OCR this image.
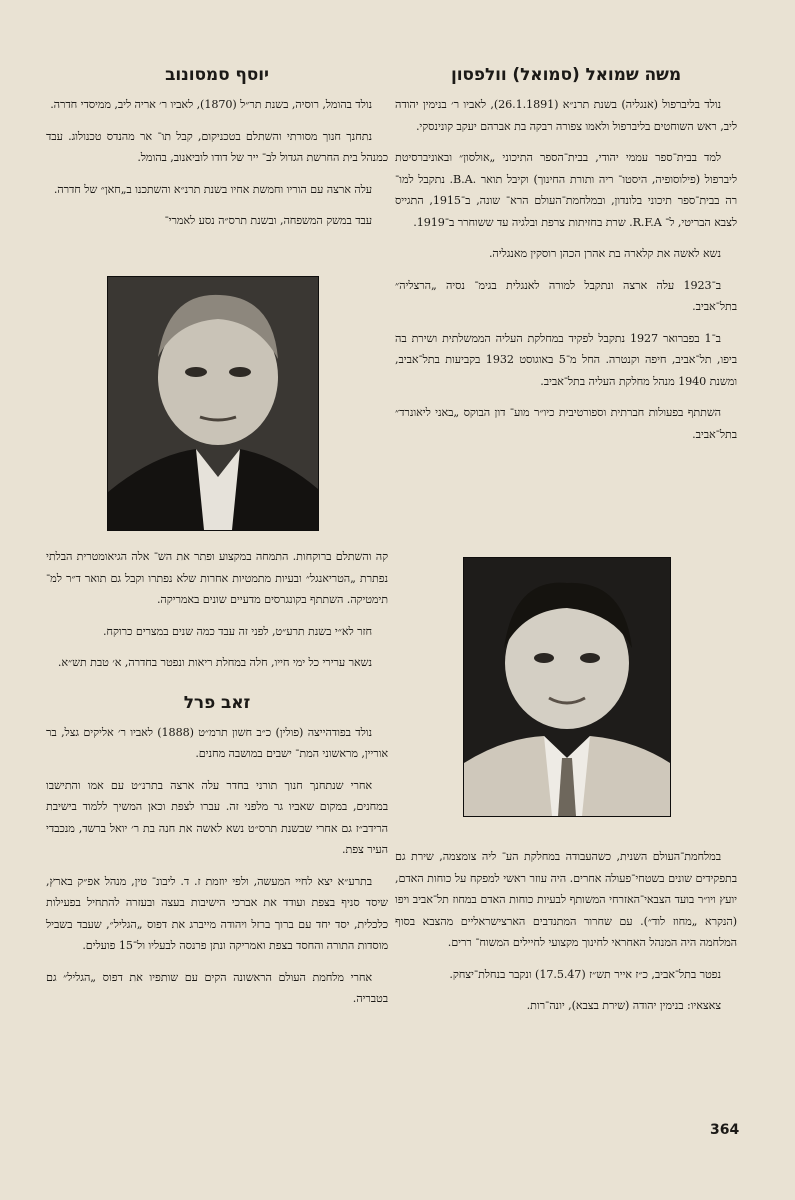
משה שמואל (סמואל) וולפסון

נולד בליברפול (אנגליה) בשנת תרנ״א (26.1.1891), לאביו ר׳ בנימין יהודה ליב, ראש השוחטים בליברפול ולאמו צפורה רבקה בת אברהם יעקב קונינסקי.

למד בבית־ספר עממי יהודי, בבית־הספר התיכוני „אולסון״ ובאוניברסיטת ליברפול (פילוסופיה, היסטו־ ריה ותורת החינוך) וקיבל תואר .B.A. נתקבל למו־ רה בבית־ספר תיכוני בלונדון, ובמלחמת־העולם הרא־ שונה, ב־1915, התגייס לצבא הבריטי, ל־ R.F.A. שרת בחזיתות צרפת ובלגיה עד ששוחרר ב־1919.

נשא לאשה את קלארה בת אהרן הכהן רוסקין מאנגליה.

ב־1923 עלה ארצה ונתקבל למורה לאנגלית בגימ־ נסיה „הרצליה״ בתל־אביב.

ב־1 בפברואר 1927 נתקבל לפקיד במחלקת העליה הממשלתית ושירת בה ביפו, תל־אביב, חיפה וקנטרה. החל מ־5 באוגוסט 1932 בקביעות בתל־אביב, ומשנת 1940 מנהל מחלקת העליה בתל־אביב.

השתתף בפעולות חברתית וספורטיבית כיו״ר מוע־ דון הבוקס „באני ליאונרד״ בתל־אביב.

במלחמת־העולם השנית, כשהעבודה במחלקת הע־ ליה צומצמה, שירת גם בתפקידים שונים בשטחי־פעולה אחרים. היה עוזר ראשי למפקח על כוחות האדם, יועץ ויו״ר בועד הצבאי־האזרחי המשותף לבעיות כוחות האדם במחוז תל־אביב ויפו (הנקרא „מחוז לוד״). עם שחרור המתנדבים הארצישראליים מהצבא בסוף המלחמה היה המנהל האחראי לחינוך מקצועי לחיילים המשוח־ ררים.

נפטר בתל־אביב, כ״ז אייר תש״ז (17.5.47) ונקבר בנחלת־יצחק.

צאצאיו: בנימין יהודה (שירת בצבא), יונה־רות.

יוסף סמסונוב

נולד בהומל, רוסיה, בשנת תר״ל (1870), לאביו ר׳ אריה ליב, ממיסדי חדרה.

נתחנך חנוך מסורתי והשתלם בטכניקום, קבל תו־ אר מהנדס טכנולוג. עבד כמנהל בית החרשת הגדול לב־ ייר של דודו לוביאנוב, בהומל.

עלה ארצה עם הוריו וחמשת אחיו בשנת תרנ״א והשתכנו ב„חאן״ של חדרה.

עבד במשק המשפחה, ובשנת תרס״ה נסע לאמרי־

קה והשתלם ברוקחות. התמחה במקצוע ופתר את הש־ אלה הגיאומטרית הבלתי נפתרת „הטריאנגל״ ובעיות מתמטיות אחרות שלא נפתרו וקבל גם תואר ד״ר למ־ תימטיקה. השתתף בקונגרסים מדעיים שונים באמריקה.

חזר לא״י בשנת תרע״ט, לפני זה עבד כמה שנים במצרים כרוקח.

נשאר ערירי כל ימי חייו, חלה במחלת ריאות ונפטר בחדרה, א׳ טבת תש״א.

זאב פרל

נולד בפודהייצה (פולין) כ״ב חשון תרמ״ט (1888) לאביו ר׳ אליקים גצל, בר אוריין, מראשוני המת־ ישבים במושבה מחנים.

אחרי שנתחנך חנוך תורני בחדר עלה ארצה בתרנ״ט עם אמו והתישבו במחנים, במקום שאביו גר מלפני זה. עברו לצפת וכאן המשיך ללמוד בישיבת הרידב״ז גם אחרי שבשנת תרס״ט נשא לאשה את חנה בת ר׳ יואל ברשד, מנכבדי העיר צפת.

בתרע״א יצא לחיי המעשה, ולפי יוזמת ז. ד. ליבונ־ טין, מנהל אפ״ק בארץ, שיסד סניף בצפת ועודד את אברכי הישיבות בעצה ובעזרה להתחיל בפעילות כלכלית, יסד יחד עם ברוך ברזל ויהודה מייברג את דפוס „הגליל״, שעבד בשביל מוסדות התורה והחסד בצפת ואמריקה ונתן פרנסה לבעליו ול־15 פועלים.

אחרי מלחמת העולם הראשונה הקים עם שותפיו את דפוס „הגליל״ גם בטבריה.

364
